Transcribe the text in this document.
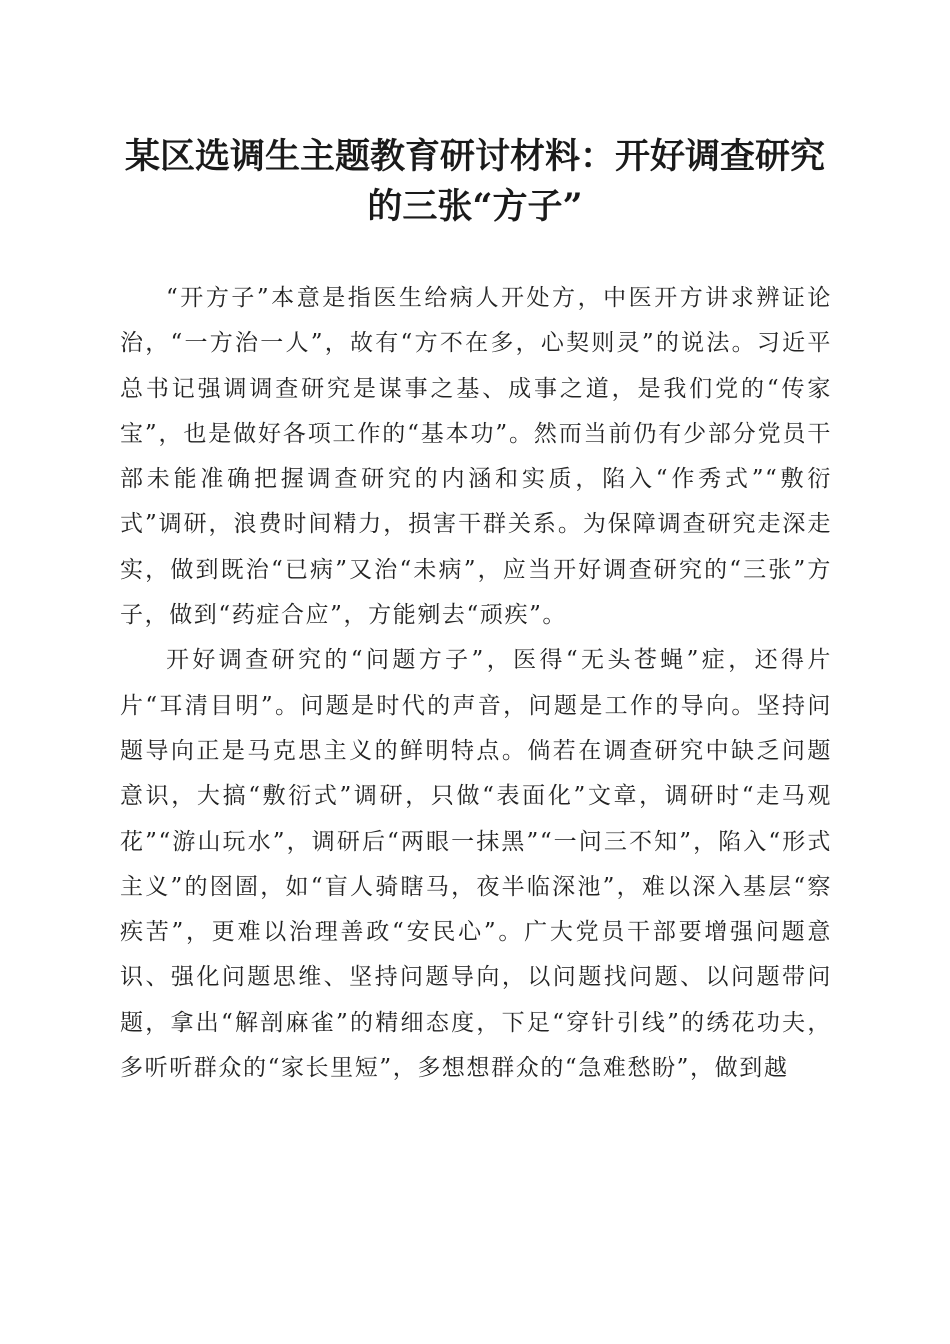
某区选调生主题教育研讨材料：开好调查研究
的三张“方子”

“开方子”本意是指医生给病人开处方，中医开方讲求辨证论治，“一方治一人”，故有“方不在多，心契则灵”的说法。习近平总书记强调调查研究是谋事之基、成事之道，是我们党的“传家宝”，也是做好各项工作的“基本功”。然而当前仍有少部分党员干部未能准确把握调查研究的内涵和实质，陷入“作秀式”“敷衍式”调研，浪费时间精力，损害干群关系。为保障调查研究走深走实，做到既治“已病”又治“未病”，应当开好调查研究的“三张”方子，做到“药症合应”，方能剜去“顽疾”。

开好调查研究的“问题方子”，医得“无头苍蝇”症，还得片片“耳清目明”。问题是时代的声音，问题是工作的导向。坚持问题导向正是马克思主义的鲜明特点。倘若在调查研究中缺乏问题意识，大搞“敷衍式”调研，只做“表面化”文章，调研时“走马观花”“游山玩水”，调研后“两眼一抹黑”“一问三不知”，陷入“形式主义”的囹圄，如“盲人骑瞎马，夜半临深池”，难以深入基层“察疾苦”，更难以治理善政“安民心”。广大党员干部要增强问题意识、强化问题思维、坚持问题导向，以问题找问题、以问题带问题，拿出“解剖麻雀”的精细态度，下足“穿针引线”的绣花功夫，多听听群众的“家长里短”，多想想群众的“急难愁盼”，做到越
